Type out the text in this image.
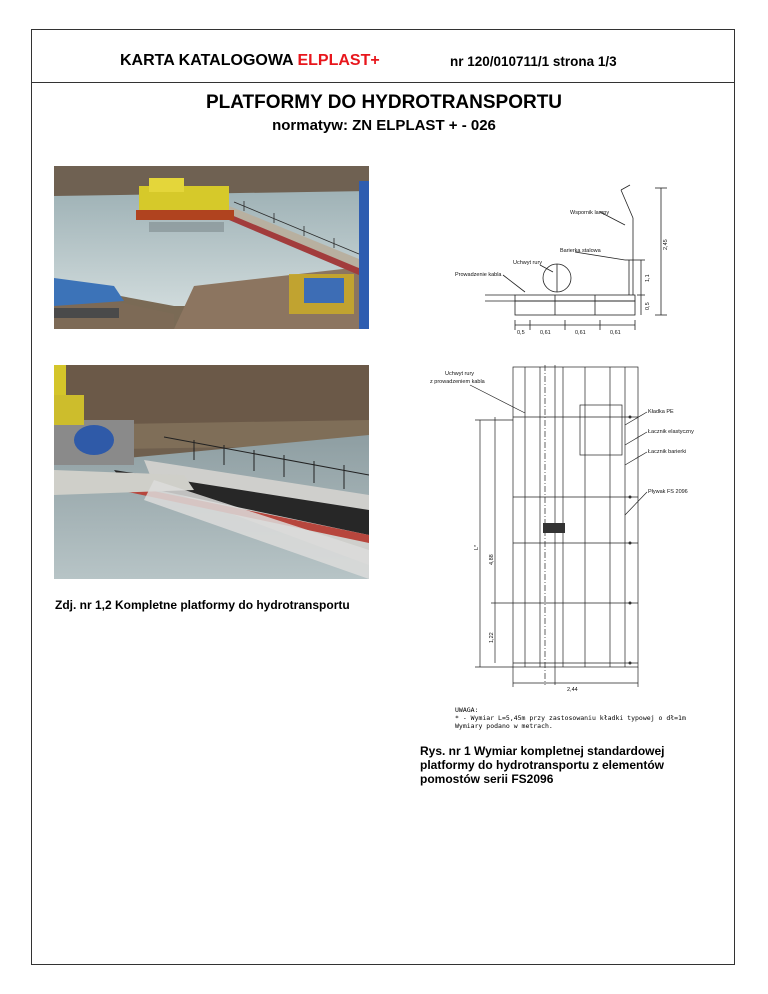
KARTA KATALOGOWA ELPLAST+	nr 120/010711/1 strona 1/3
PLATFORMY DO HYDROTRANSPORTU
normatyw: ZN ELPLAST + - 026
Zdj. nr 1,2 Kompletne platformy do hydrotransportu
Wspornik lampy
Barierka stalowa
Uchwyt rury
Prowadzenie kabla
0,5	0,61	0,61	0,61
2,45
1,1
0,5
Uchwyt rury
z prowadzeniem kabla
Kładka PE
Łacznik elastyczny
Łacznik barierki
Pływak FS 2096
L*
4,88
1,22
2,44
UWAGA:
* - Wymiar L=5,45m przy zastosowaniu kładki typowej o dł=1m
Wymiary podano w metrach.
Rys. nr 1 Wymiar kompletnej standardowej platformy do hydrotransportu z elementów pomostów serii FS2096
